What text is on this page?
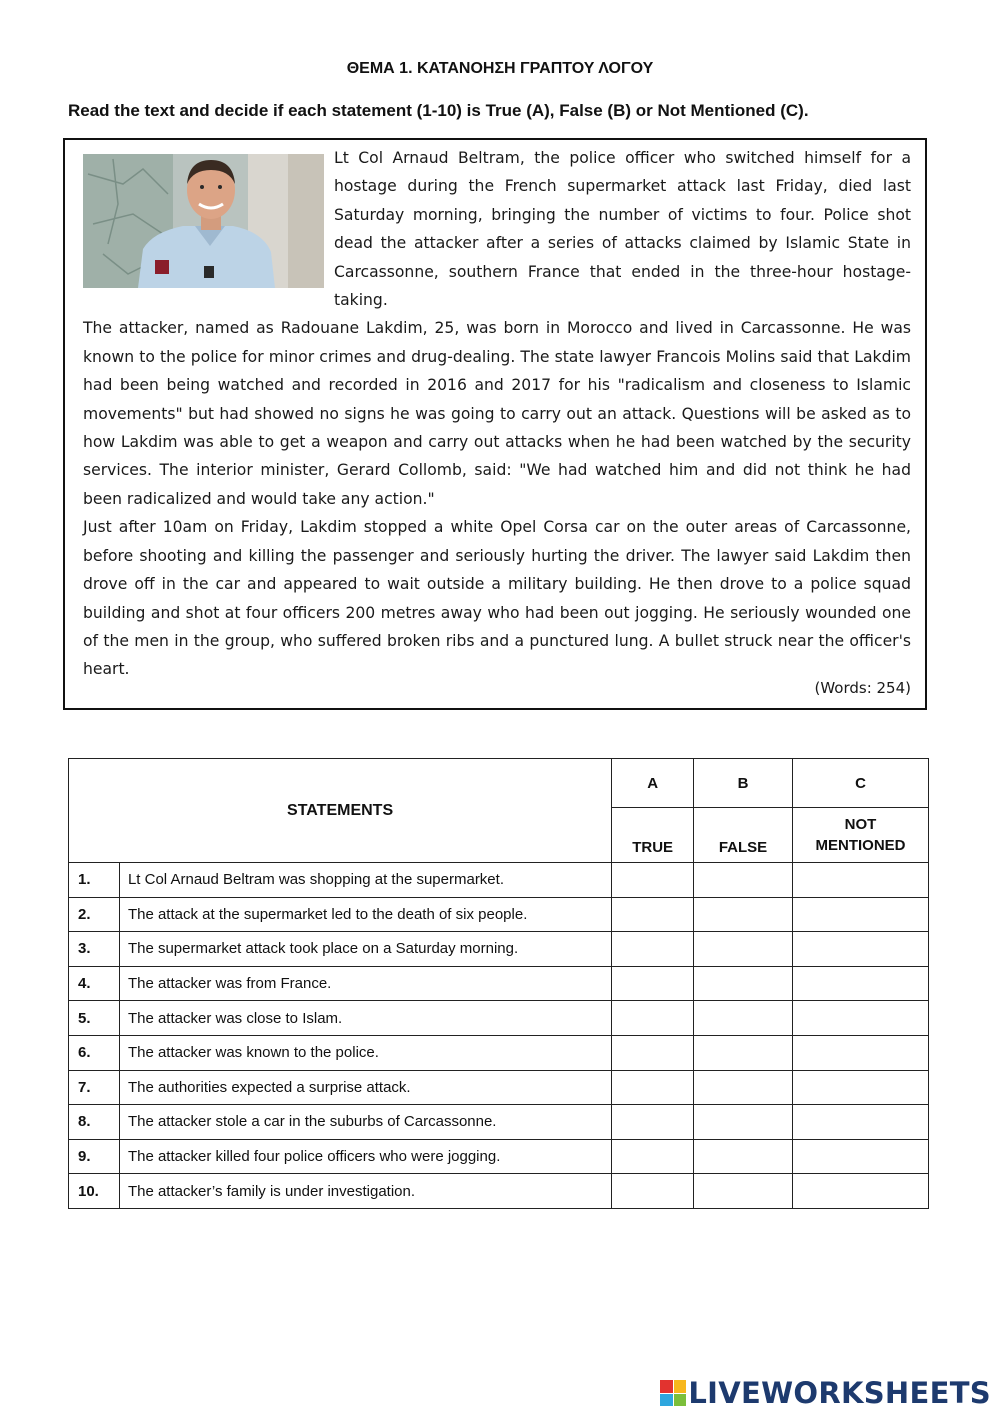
ΘΕΜΑ 1. ΚΑΤΑΝΟΗΣΗ ΓΡΑΠΤΟΥ ΛΟΓΟΥ
Read the text and decide if each statement (1-10) is True (A), False (B) or Not Mentioned (C).

Lt Col Arnaud Beltram, the police officer who switched himself for a hostage during the French supermarket attack last Friday, died last Saturday morning, bringing the number of victims to four. Police shot dead the attacker after a series of attacks claimed by Islamic State in Carcassonne, southern France that ended in the three-hour hostage-taking.

The attacker, named as Radouane Lakdim, 25, was born in Morocco and lived in Carcassonne. He was known to the police for minor crimes and drug-dealing. The state lawyer Francois Molins said that Lakdim had been being watched and recorded in 2016 and 2017 for his "radicalism and closeness to Islamic movements" but had showed no signs he was going to carry out an attack. Questions will be asked as to how Lakdim was able to get a weapon and carry out attacks when he had been watched by the security services. The interior minister, Gerard Collomb, said: "We had watched him and did not think he had been radicalized and would take any action."

Just after 10am on Friday, Lakdim stopped a white Opel Corsa car on the outer areas of Carcassonne, before shooting and killing the passenger and seriously hurting the driver. The lawyer said Lakdim then drove off in the car and appeared to wait outside a military building. He then drove to a police squad building and shot at four officers 200 metres away who had been out jogging. He seriously wounded one of the men in the group, who suffered broken ribs and a punctured lung. A bullet struck near the officer's heart.

(Words: 254)
STATEMENTS		A	B	C
		TRUE	FALSE	NOT MENTIONED
1.	Lt Col Arnaud Beltram was shopping at the supermarket.			
2.	The attack at the supermarket led to the death of six people.			
3.	The supermarket attack took place on a Saturday morning.			
4.	The attacker was from France.			
5.	The attacker was close to Islam.			
6.	The attacker was known to the police.			
7.	The authorities expected a surprise attack.			
8.	The attacker stole a car in the suburbs of Carcassonne.			
9.	The attacker killed four police officers who were jogging.			
10.	The attacker’s family is under investigation.			
LIVEWORKSHEETS
